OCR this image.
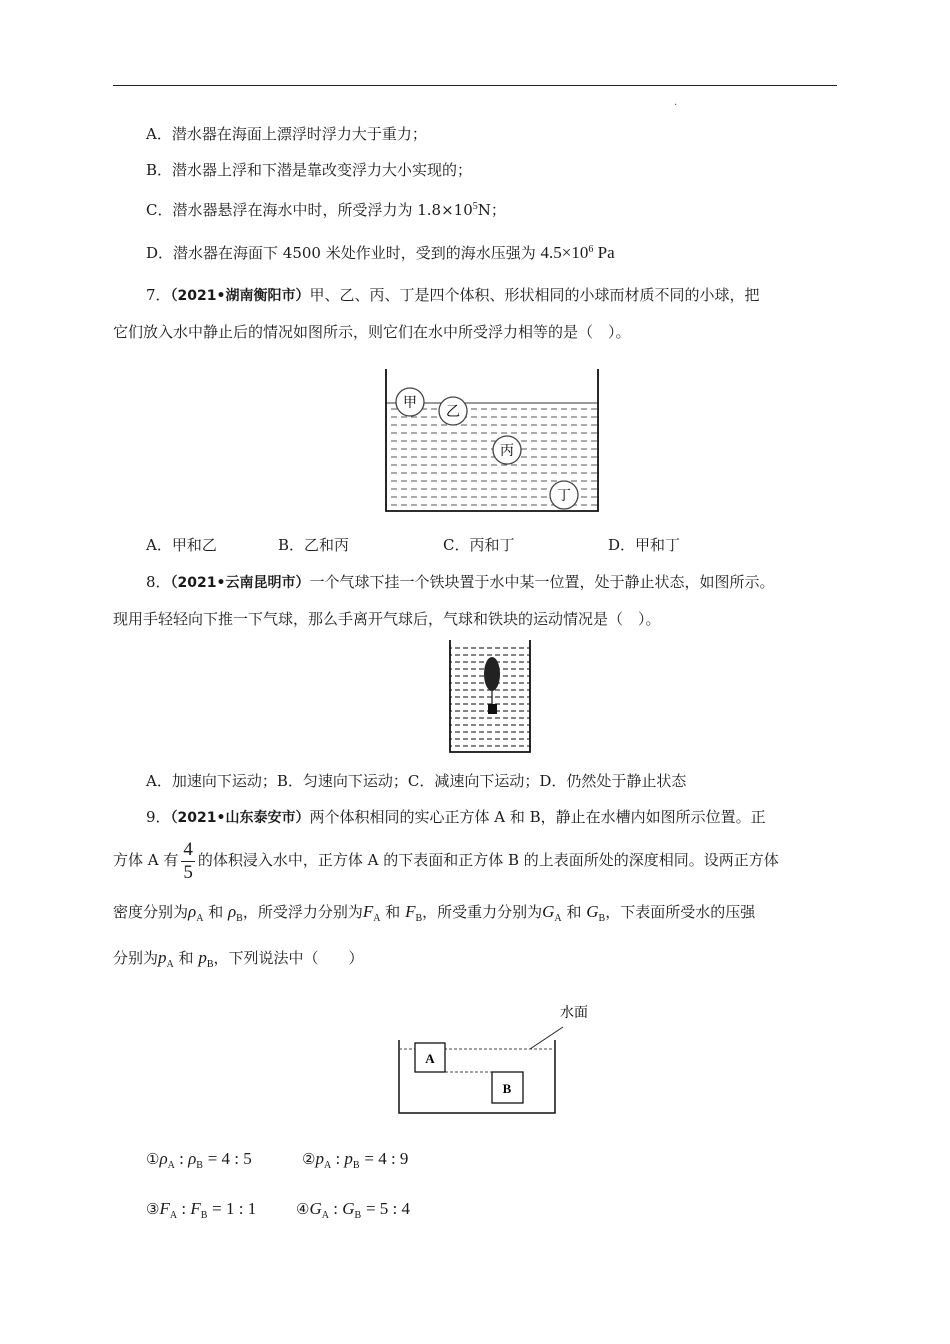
.
A．潜水器在海面上漂浮时浮力大于重力；
B．潜水器上浮和下潜是靠改变浮力大小实现的；
C．潜水器悬浮在海水中时，所受浮力为 $1.8\times 10^5N$；
D．潜水器在海面下 4500 米处作业时，受到的海水压强为 $4.5\times 10^6$ Pa
7．（2021•湖南衡阳市）甲、乙、丙、丁是四个体积、形状相同的小球而材质不同的小球，把
它们放入水中静止后的情况如图所示，则它们在水中所受浮力相等的是（　）。
甲
乙
丙
丁
A．甲和乙	B．乙和丙	C．丙和丁	D．甲和丁
8．（2021•云南昆明市）一个气球下挂一个铁块置于水中某一位置，处于静止状态，如图所示。
现用手轻轻向下推一下气球，那么手离开气球后，气球和铁块的运动情况是（　）。
A．加速向下运动；B．匀速向下运动；C．减速向下运动；D．仍然处于静止状态
9．（2021•山东泰安市）两个体积相同的实心正方体 A 和 B，静止在水槽内如图所示位置。正
方体 A 有 $\frac{4}{5}$ 的体积浸入水中，正方体 A 的下表面和正方体 B 的上表面所处的深度相同。设两正方体
密度分别为$\rho_A$ 和 $\rho_B$，所受浮力分别为$F_A$ 和 $F_B$，所受重力分别为$G_A$ 和 $G_B$，下表面所受水的压强
分别为$p_A$ 和 $p_B$，下列说法中（　　）
水面
A
B
$①\rho_A$ : $\rho_B = 4$ : 5	$②p_A$ : $p_B = 4$ : 9
$③F_A$ : $F_B = 1$ : 1	$④G_A$ : $G_B = 5$ : 4
